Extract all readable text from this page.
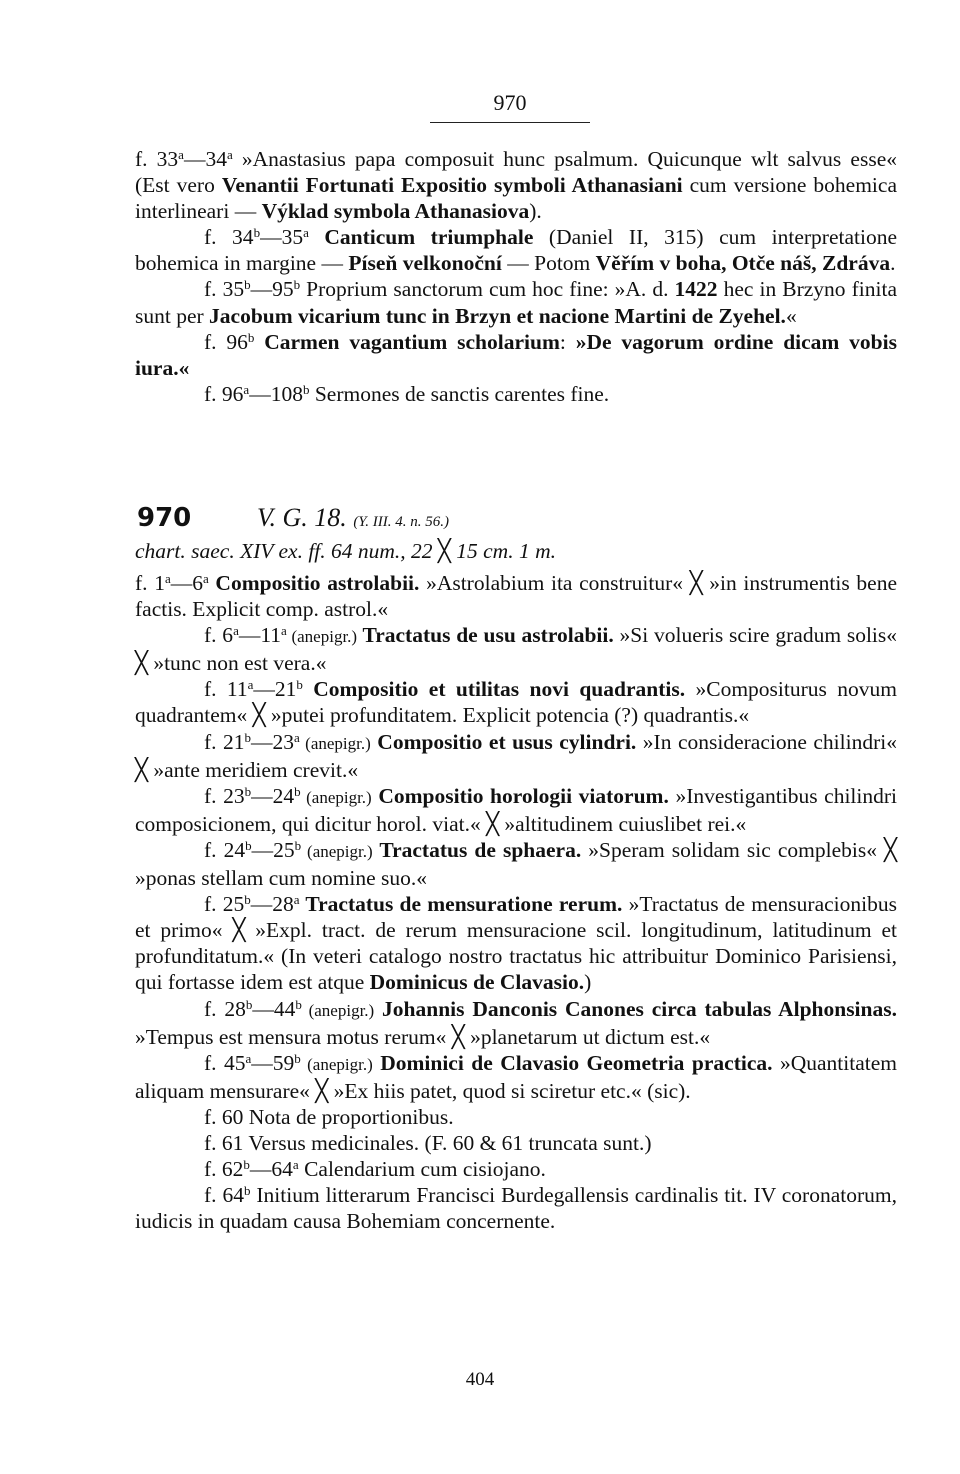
970

f. 33$^a$—34$^a$ »Anastasius papa composuit hunc psalmum. Quicunque wlt salvus esse« (Est vero Venantii Fortunati Expositio symboli Athanasiani cum versione bohemica interlineari — Výklad symbola Athanasiova).

f. 34$^b$—35$^a$ Canticum triumphale (Daniel II, 315) cum interpretatione bohemica in margine — Píseň velkonoční — Potom Věřím v boha, Otče náš, Zdráva.

f. 35$^b$—95$^b$ Proprium sanctorum cum hoc fine: »A. d. 1422 hec in Brzyno finita sunt per Jacobum vicarium tunc in Brzyn et nacione Martini de Zyehel.«

f. 96$^b$ Carmen vagantium scholarium: »De vagorum ordine dicam vobis iura.«

f. 96$^a$—108$^b$ Sermones de sanctis carentes fine.

970	V. G. 18. (Y. III. 4. n. 56.)
chart. saec. XIV ex. ff. 64 num., 22 ╳ 15 cm. 1 m.

f. 1$^a$—6$^a$ Compositio astrolabii. »Astrolabium ita construitur« ╳ »in instrumentis bene factis. Explicit comp. astrol.«

f. 6$^a$—11$^a$ (anepigr.) Tractatus de usu astrolabii. »Si volueris scire gradum solis« ╳ »tunc non est vera.«

f. 11$^a$—21$^b$ Compositio et utilitas novi quadrantis. »Compositurus novum quadrantem« ╳ »putei profunditatem. Explicit potencia (?) quadrantis.«

f. 21$^b$—23$^a$ (anepigr.) Compositio et usus cylindri. »In consideracione chilindri« ╳ »ante meridiem crevit.«

f. 23$^b$—24$^b$ (anepigr.) Compositio horologii viatorum. »Investigantibus chilindri composicionem, qui dicitur horol. viat.« ╳ »altitudinem cuiuslibet rei.«

f. 24$^b$—25$^b$ (anepigr.) Tractatus de sphaera. »Speram solidam sic complebis« ╳ »ponas stellam cum nomine suo.«

f. 25$^b$—28$^a$ Tractatus de mensuratione rerum. »Tractatus de mensuracionibus et primo« ╳ »Expl. tract. de rerum mensuracione scil. longitudinum, latitudinum et profunditatum.« (In veteri catalogo nostro tractatus hic attribuitur Dominico Parisiensi, qui fortasse idem est atque Dominicus de Clavasio.)

f. 28$^b$—44$^b$ (anepigr.) Johannis Danconis Canones circa tabulas Alphonsinas. »Tempus est mensura motus rerum« ╳ »planetarum ut dictum est.«

f. 45$^a$—59$^b$ (anepigr.) Dominici de Clavasio Geometria practica. »Quantitatem aliquam mensurare« ╳ »Ex hiis patet, quod si sciretur etc.« (sic).

f. 60 Nota de proportionibus.

f. 61 Versus medicinales. (F. 60 & 61 truncata sunt.)

f. 62$^b$—64$^a$ Calendarium cum cisiojano.

f. 64$^b$ Initium litterarum Francisci Burdegallensis cardinalis tit. IV coronatorum, iudicis in quadam causa Bohemiam concernente.

404
